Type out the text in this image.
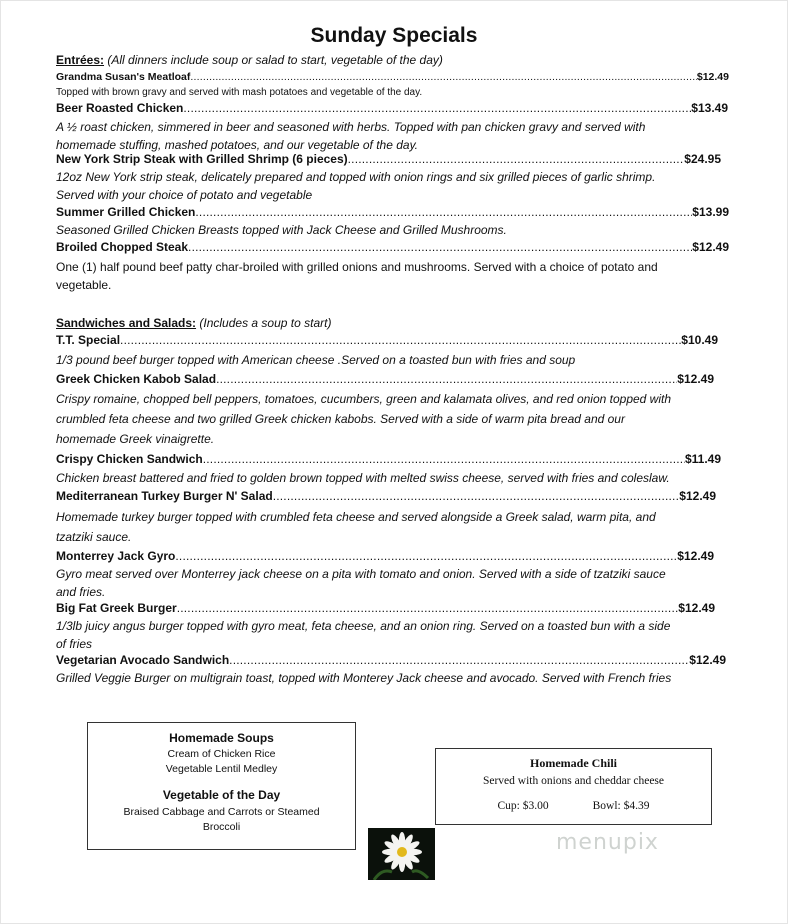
Sunday Specials
Entrées: (All dinners include soup or salad to start, vegetable of the day)
Grandma Susan's Meatloaf .....	$12.49
Topped with brown gravy and served with mash potatoes and vegetable of the day.
Beer Roasted Chicken .....	$13.49
A ½ roast chicken, simmered in beer and seasoned with herbs. Topped with pan chicken gravy and served with
homemade stuffing, mashed potatoes, and our vegetable of the day.
New York Strip Steak with Grilled Shrimp (6 pieces) .....	$24.95
12oz New York strip steak, delicately prepared and topped with onion rings and six grilled pieces of garlic shrimp.
Served with your choice of potato and vegetable
Summer Grilled Chicken .....	$13.99
Seasoned Grilled Chicken Breasts topped with Jack Cheese and Grilled Mushrooms.
Broiled Chopped Steak .....	$12.49
One (1) half pound beef patty char-broiled with grilled onions and mushrooms. Served with a choice of potato and
vegetable.
Sandwiches and Salads: (Includes a soup to start)
T.T. Special .....	$10.49
1/3 pound beef burger topped with American cheese .Served on a toasted bun with fries and soup
Greek Chicken Kabob Salad .....	$12.49
Crispy romaine, chopped bell peppers, tomatoes, cucumbers, green and kalamata olives, and red onion topped with
crumbled feta cheese and two grilled Greek chicken kabobs. Served with a side of warm pita bread and our
homemade Greek vinaigrette.
Crispy Chicken Sandwich .....	$11.49
Chicken breast battered and fried to golden brown topped with melted swiss cheese, served with fries and coleslaw.
Mediterranean Turkey Burger N' Salad .....	$12.49
Homemade turkey burger topped with crumbled feta cheese and served alongside a Greek salad, warm pita, and
tzatziki sauce.
Monterrey Jack Gyro .....	$12.49
Gyro meat served over Monterrey jack cheese on a pita with tomato and onion. Served with a side of tzatziki sauce
and fries.
Big Fat Greek Burger .....	$12.49
1/3lb juicy angus burger topped with gyro meat, feta cheese, and an onion ring. Served on a toasted bun with a side
of fries
Vegetarian Avocado Sandwich .....	$12.49
Grilled Veggie Burger on multigrain toast, topped with Monterey Jack cheese and avocado. Served with French fries
Homemade Soups
Cream of Chicken Rice
Vegetable Lentil Medley
Vegetable of the Day
Braised Cabbage and Carrots or Steamed
Broccoli
Homemade Chili
Served with onions and cheddar cheese
Cup: $3.00	Bowl: $4.39
menupix
